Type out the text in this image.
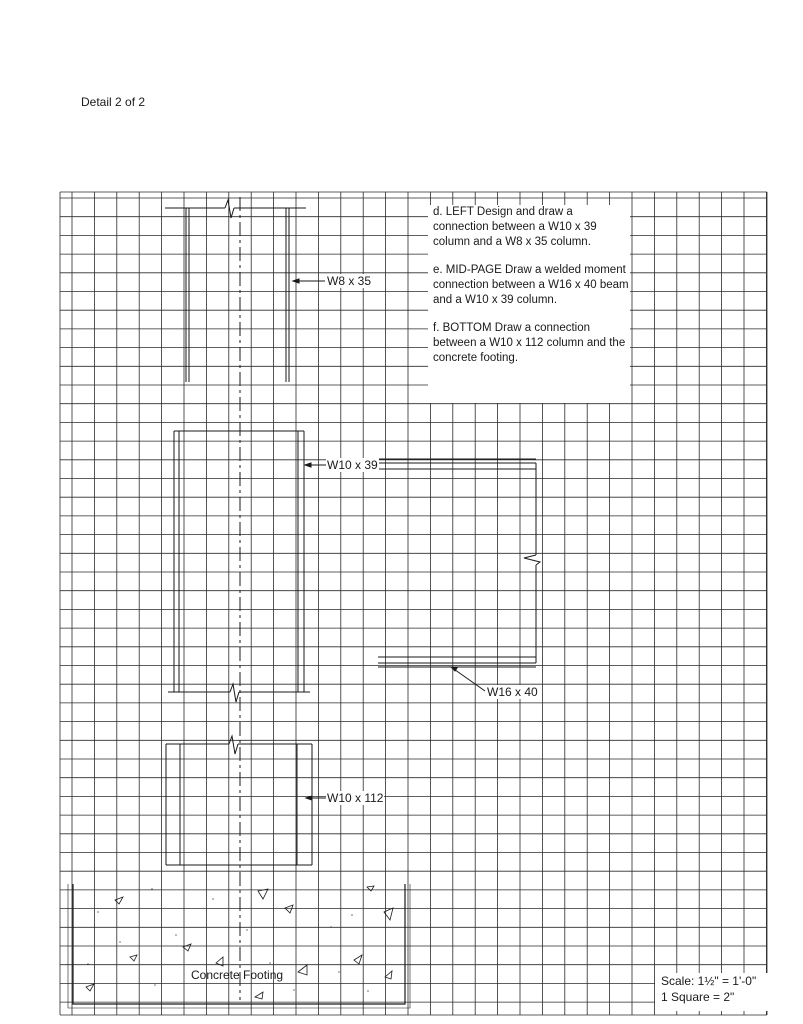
Detail 2 of 2

d. LEFT Design and draw a connection between a W10 x 39 column and a W8 x 35 column.

e. MID-PAGE Draw a welded moment connection between a W16 x 40 beam and a W10 x 39 column.

f. BOTTOM Draw a connection between a W10 x 112 column and the concrete footing.

W8 x 35
W10 x 39
W16 x 40
W10 x 112
Concrete Footing	Scale: 1½" = 1'-0"
1 Square = 2"
